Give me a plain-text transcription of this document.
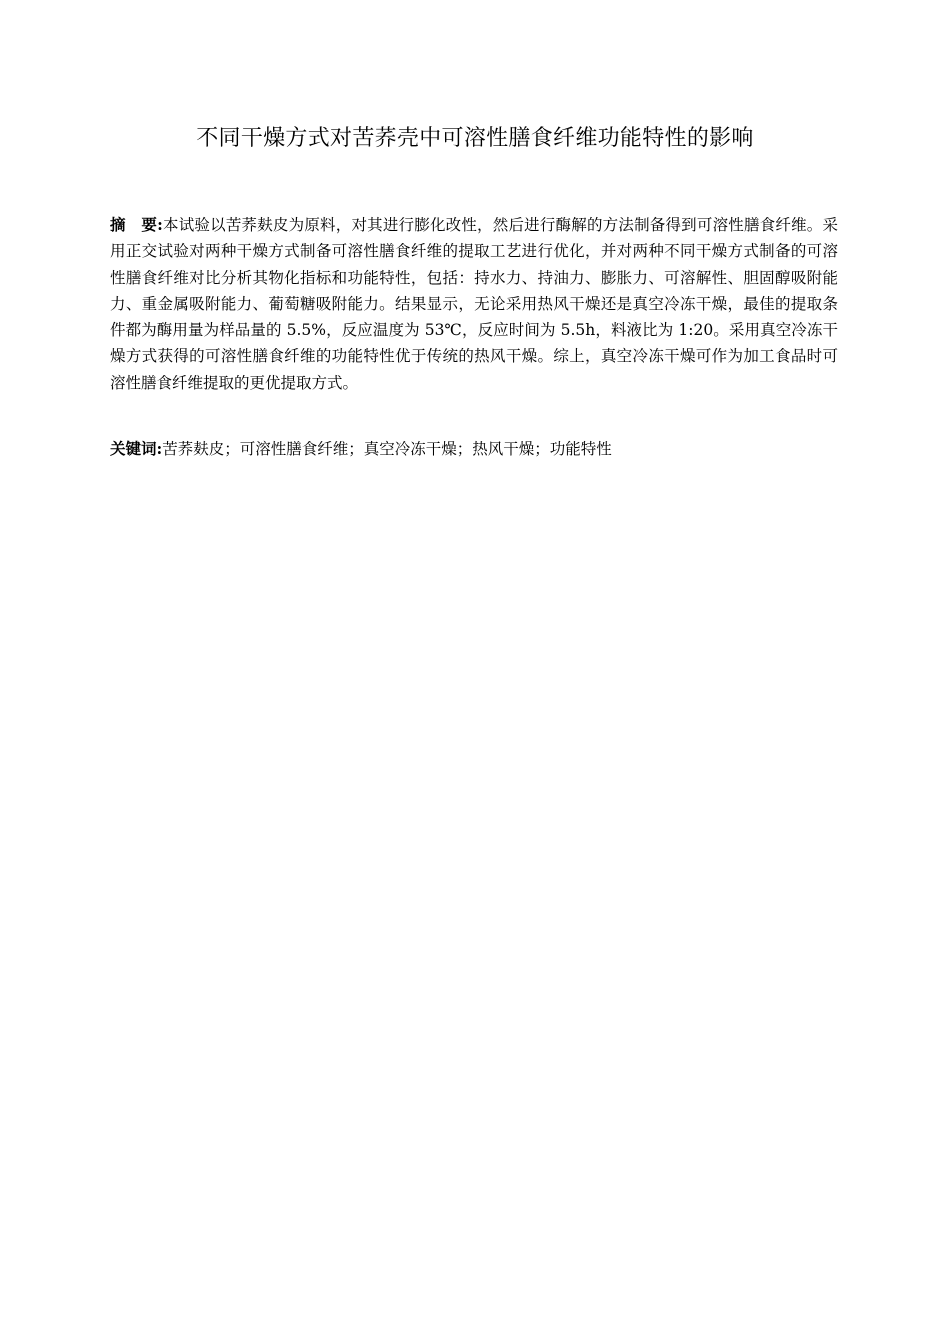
不同干燥方式对苦荞壳中可溶性膳食纤维功能特性的影响

摘　要:本试验以苦荞麸皮为原料，对其进行膨化改性，然后进行酶解的方法制备得到可溶性膳食纤维。采用正交试验对两种干燥方式制备可溶性膳食纤维的提取工艺进行优化，并对两种不同干燥方式制备的可溶性膳食纤维对比分析其物化指标和功能特性，包括：持水力、持油力、膨胀力、可溶解性、胆固醇吸附能力、重金属吸附能力、葡萄糖吸附能力。结果显示，无论采用热风干燥还是真空冷冻干燥，最佳的提取条件都为酶用量为样品量的 5.5%，反应温度为 53℃，反应时间为 5.5h，料液比为 1:20。采用真空冷冻干燥方式获得的可溶性膳食纤维的功能特性优于传统的热风干燥。综上，真空冷冻干燥可作为加工食品时可溶性膳食纤维提取的更优提取方式。

关键词:苦荞麸皮；可溶性膳食纤维；真空冷冻干燥；热风干燥；功能特性
